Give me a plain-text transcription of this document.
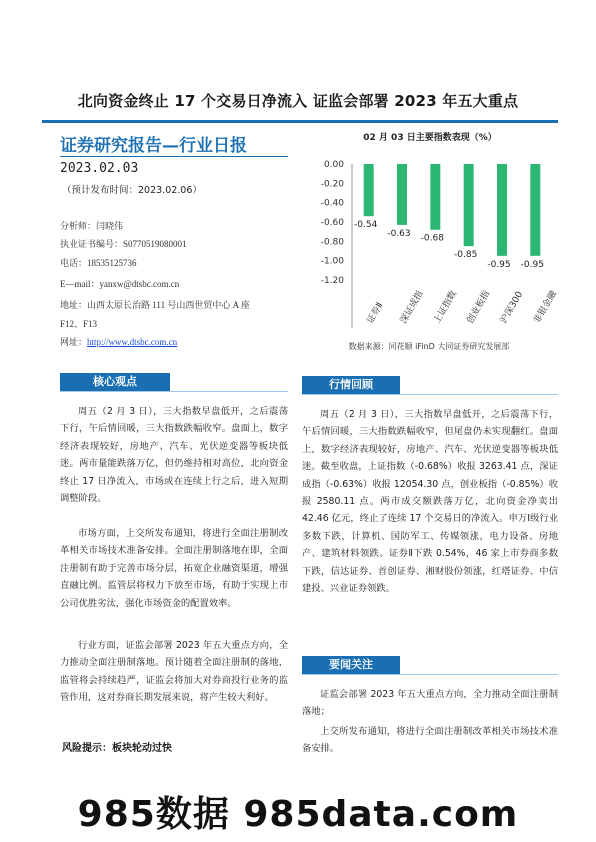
北向资金终止 17 个交易日净流入 证监会部署 2023 年五大重点
证券研究报告—行业日报
2023.02.03
（预计发布时间：2023.02.06）
分析师：闫晓伟
执业证书编号：S0770519080001
电话：18535125736
E—mail：yanxw@dtsbc.com.cn
地址：山西太原长治路 111 号山西世贸中心 A 座
F12、F13
网址：http://www.dtsbc.com.cn
02 月 03 日主要指数表现（%）
0.00
-0.20
-0.40
-0.60
-0.80
-1.00
-1.20
-0.54
证券Ⅱ
-0.63
深证成指
-0.68
上证指数
-0.85
创业板指
-0.95
沪深300
-0.95
非银金融
数据来源：同花顺 iFinD 大同证券研究发展部
核心观点
周五（2 月 3 日），三大指数早盘低开，之后震荡下行，午后情回暖，三大指数跌幅收窄。盘面上，数字经济表现较好，房地产、汽车、光伏逆变器等板块低迷。两市量能跌落万亿，但仍维持相对高位，北向资金终止 17 日净流入，市场或在连续上行之后，进入短期调整阶段。
市场方面，上交所发布通知，将进行全面注册制改革相关市场技术准备安排。全面注册制落地在即，全面注册制有助于完善市场分层，拓宽企业融资渠道，增强直融比例。监管层将权力下放至市场，有助于实现上市公司优胜劣汰，强化市场资金的配置效率。
行业方面，证监会部署 2023 年五大重点方向，全力推动全面注册制落地。预计随着全面注册制的落地，监管将会持续趋严，证监会将加大对券商投行业务的监管作用，这对券商长期发展来说，将产生较大利好。
风险提示：板块轮动过快
行情回顾
周五（2 月 3 日），三大指数早盘低开，之后震荡下行，午后情回暖，三大指数跌幅收窄，但尾盘仍未实现翻红。盘面上，数字经济表现较好，房地产、汽车、光伏逆变器等板块低迷。截至收盘，上证指数（-0.68%）收报 3263.41 点，深证成指（-0.63%）收报 12054.30 点，创业板指（-0.85%）收报 2580.11 点。两市成交额跌落万亿，北向资金净卖出 42.46 亿元，终止了连续 17 个交易日的净流入。申万Ⅰ级行业多数下跌，计算机、国防军工、传媒领涨，电力设备、房地产、建筑材料领跌。证券Ⅱ下跌 0.54%，46 家上市券商多数下跌，信达证券、首创证券、湘财股份领涨，红塔证券、中信建投、兴业证券领跌。
要闻关注
证监会部署 2023 年五大重点方向，全力推动全面注册制落地；
上交所发布通知，将进行全面注册制改革相关市场技术准备安排。
985数据 985data.com
